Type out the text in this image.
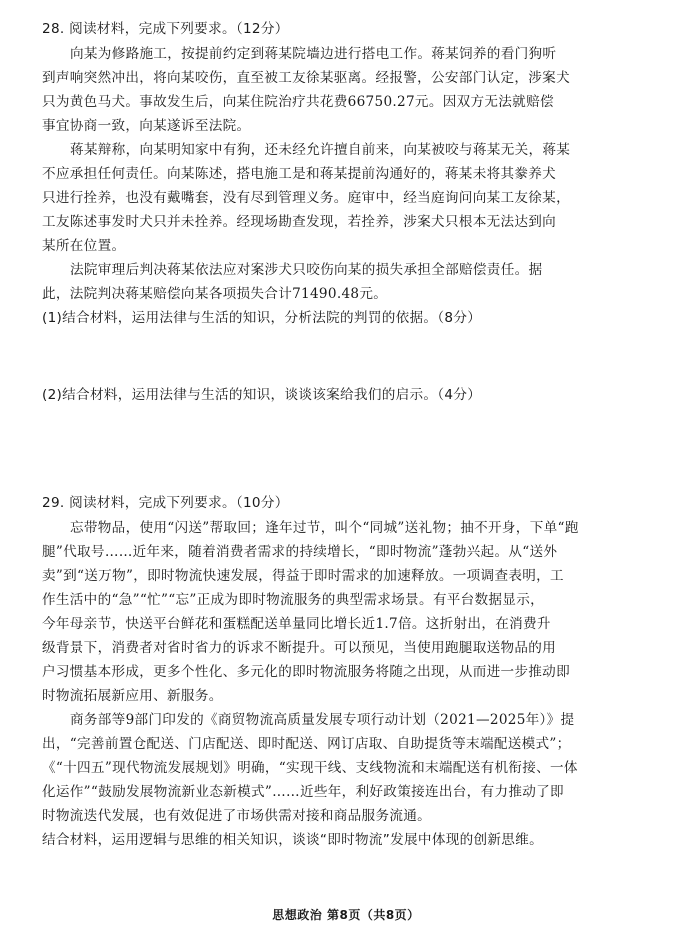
28. 阅读材料，完成下列要求。（12分）
向某为修路施工，按提前约定到蒋某院墙边进行搭电工作。蒋某饲养的看门狗听
到声响突然冲出，将向某咬伤，直至被工友徐某驱离。经报警，公安部门认定，涉案犬
只为黄色马犬。事故发生后，向某住院治疗共花费66750.27元。因双方无法就赔偿
事宜协商一致，向某遂诉至法院。
蒋某辩称，向某明知家中有狗，还未经允许擅自前来，向某被咬与蒋某无关，蒋某
不应承担任何责任。向某陈述，搭电施工是和蒋某提前沟通好的，蒋某未将其豢养犬
只进行拴养，也没有戴嘴套，没有尽到管理义务。庭审中，经当庭询问向某工友徐某，
工友陈述事发时犬只并未拴养。经现场勘查发现，若拴养，涉案犬只根本无法达到向
某所在位置。
法院审理后判决蒋某依法应对案涉犬只咬伤向某的损失承担全部赔偿责任。据
此，法院判决蒋某赔偿向某各项损失合计71490.48元。
(1)结合材料，运用法律与生活的知识，分析法院的判罚的依据。（8分）
(2)结合材料，运用法律与生活的知识，谈谈该案给我们的启示。（4分）
29. 阅读材料，完成下列要求。（10分）
忘带物品，使用“闪送”帮取回；逢年过节，叫个“同城”送礼物；抽不开身，下单“跑
腿”代取号……近年来，随着消费者需求的持续增长，“即时物流”蓬勃兴起。从“送外
卖”到“送万物”，即时物流快速发展，得益于即时需求的加速释放。一项调查表明，工
作生活中的“急”“忙”“忘”正成为即时物流服务的典型需求场景。有平台数据显示，
今年母亲节，快送平台鲜花和蛋糕配送单量同比增长近1.7倍。这折射出，在消费升
级背景下，消费者对省时省力的诉求不断提升。可以预见，当使用跑腿取送物品的用
户习惯基本形成，更多个性化、多元化的即时物流服务将随之出现，从而进一步推动即
时物流拓展新应用、新服务。
商务部等9部门印发的《商贸物流高质量发展专项行动计划（2021—2025年）》提
出，“完善前置仓配送、门店配送、即时配送、网订店取、自助提货等末端配送模式”；
《“十四五”现代物流发展规划》明确，“实现干线、支线物流和末端配送有机衔接、一体
化运作”“鼓励发展物流新业态新模式”……近些年，利好政策接连出台，有力推动了即
时物流迭代发展，也有效促进了市场供需对接和商品服务流通。
结合材料，运用逻辑与思维的相关知识，谈谈“即时物流”发展中体现的创新思维。
思想政治 第8页（共8页）
